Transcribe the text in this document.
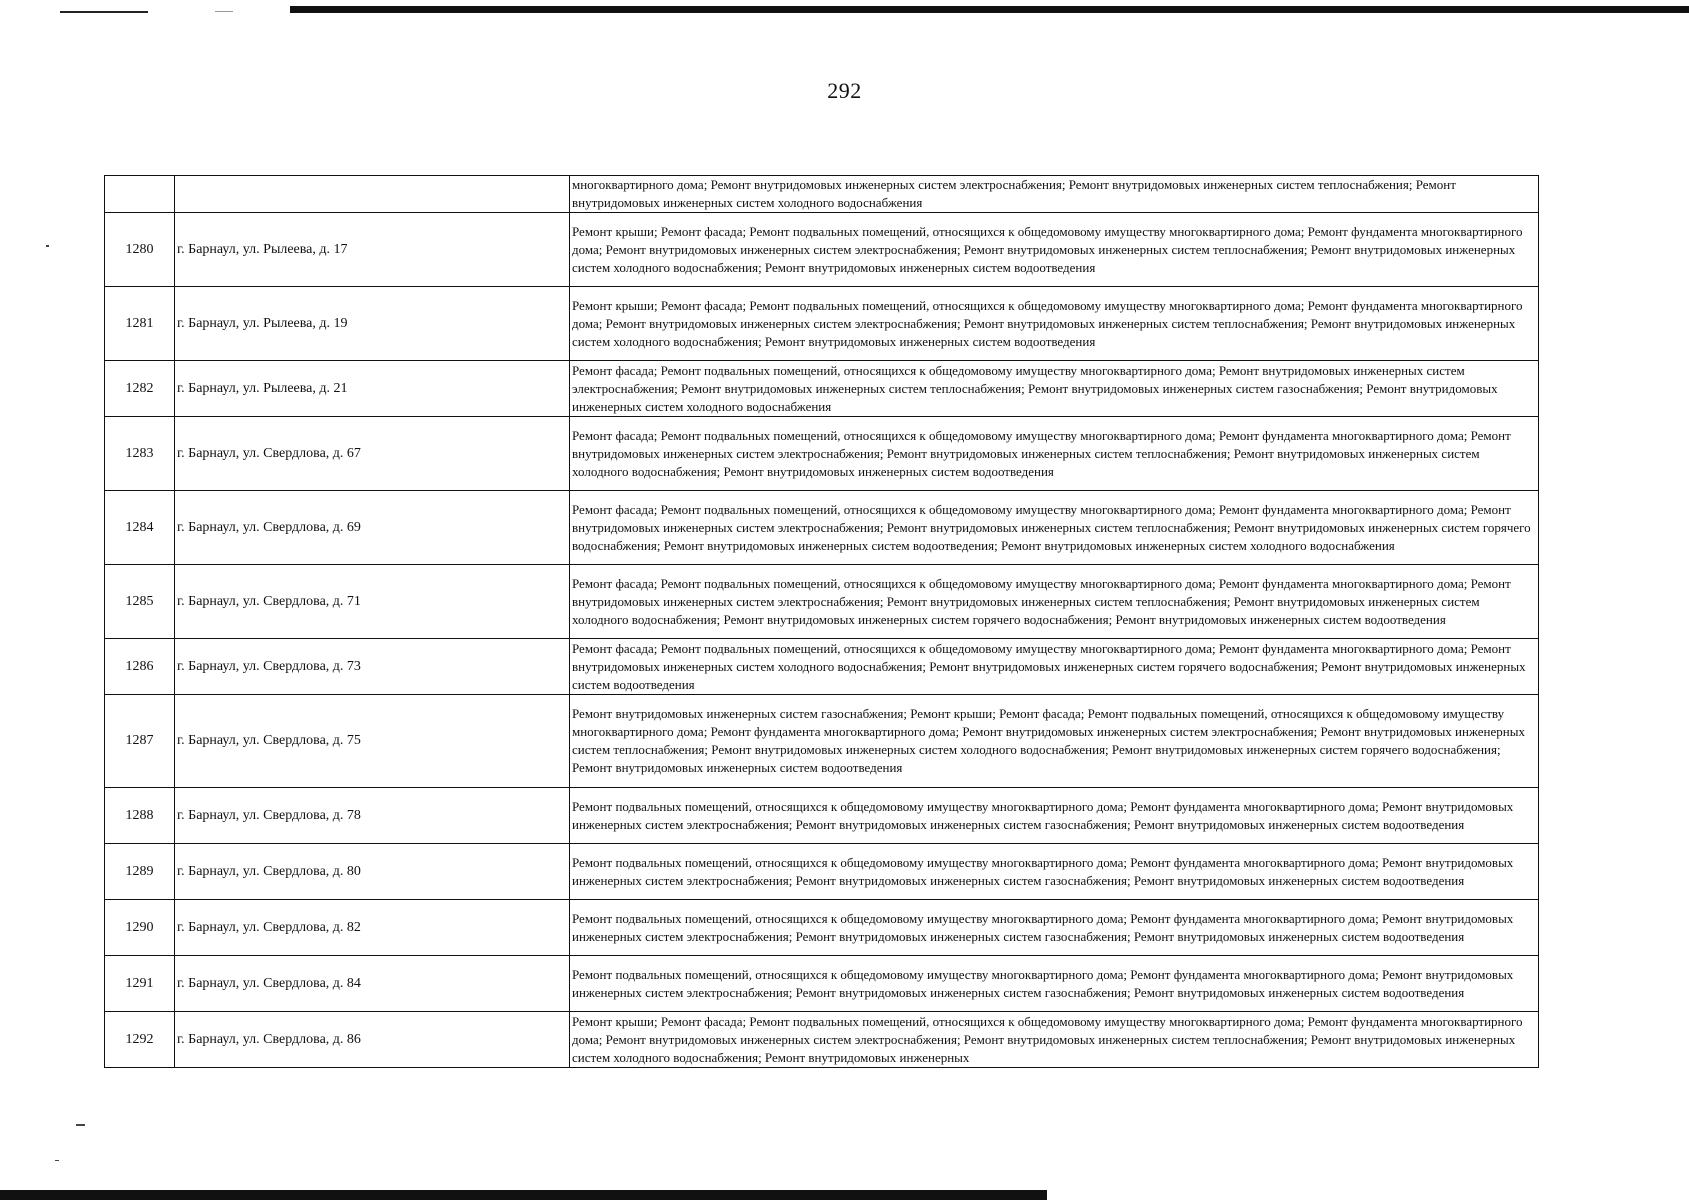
292
		многоквартирного дома; Ремонт внутридомовых инженерных систем электроснабжения; Ремонт внутридомовых инженерных систем теплоснабжения; Ремонт внутридомовых инженерных систем холодного водоснабжения
1280	г. Барнаул, ул. Рылеева, д. 17	Ремонт крыши; Ремонт фасада; Ремонт подвальных помещений, относящихся к общедомовому имуществу многоквартирного дома; Ремонт фундамента многоквартирного дома; Ремонт внутридомовых инженерных систем электроснабжения; Ремонт внутридомовых инженерных систем теплоснабжения; Ремонт внутридомовых инженерных систем холодного водоснабжения; Ремонт внутридомовых инженерных систем водоотведения
1281	г. Барнаул, ул. Рылеева, д. 19	Ремонт крыши; Ремонт фасада; Ремонт подвальных помещений, относящихся к общедомовому имуществу многоквартирного дома; Ремонт фундамента многоквартирного дома; Ремонт внутридомовых инженерных систем электроснабжения; Ремонт внутридомовых инженерных систем теплоснабжения; Ремонт внутридомовых инженерных систем холодного водоснабжения; Ремонт внутридомовых инженерных систем водоотведения
1282	г. Барнаул, ул. Рылеева, д. 21	Ремонт фасада; Ремонт подвальных помещений, относящихся к общедомовому имуществу многоквартирного дома; Ремонт внутридомовых инженерных систем электроснабжения; Ремонт внутридомовых инженерных систем теплоснабжения; Ремонт внутридомовых инженерных систем газоснабжения; Ремонт внутридомовых инженерных систем холодного водоснабжения
1283	г. Барнаул, ул. Свердлова, д. 67	Ремонт фасада; Ремонт подвальных помещений, относящихся к общедомовому имуществу многоквартирного дома; Ремонт фундамента многоквартирного дома; Ремонт внутридомовых инженерных систем электроснабжения; Ремонт внутридомовых инженерных систем теплоснабжения; Ремонт внутридомовых инженерных систем холодного водоснабжения; Ремонт внутридомовых инженерных систем водоотведения
1284	г. Барнаул, ул. Свердлова, д. 69	Ремонт фасада; Ремонт подвальных помещений, относящихся к общедомовому имуществу многоквартирного дома; Ремонт фундамента многоквартирного дома; Ремонт внутридомовых инженерных систем электроснабжения; Ремонт внутридомовых инженерных систем теплоснабжения; Ремонт внутридомовых инженерных систем горячего водоснабжения; Ремонт внутридомовых инженерных систем водоотведения; Ремонт внутридомовых инженерных систем холодного водоснабжения
1285	г. Барнаул, ул. Свердлова, д. 71	Ремонт фасада; Ремонт подвальных помещений, относящихся к общедомовому имуществу многоквартирного дома; Ремонт фундамента многоквартирного дома; Ремонт внутридомовых инженерных систем электроснабжения; Ремонт внутридомовых инженерных систем теплоснабжения; Ремонт внутридомовых инженерных систем холодного водоснабжения; Ремонт внутридомовых инженерных систем горячего водоснабжения; Ремонт внутридомовых инженерных систем водоотведения
1286	г. Барнаул, ул. Свердлова, д. 73	Ремонт фасада; Ремонт подвальных помещений, относящихся к общедомовому имуществу многоквартирного дома; Ремонт фундамента многоквартирного дома; Ремонт внутридомовых инженерных систем холодного водоснабжения; Ремонт внутридомовых инженерных систем горячего водоснабжения; Ремонт внутридомовых инженерных систем водоотведения
1287	г. Барнаул, ул. Свердлова, д. 75	Ремонт внутридомовых инженерных систем газоснабжения; Ремонт крыши; Ремонт фасада; Ремонт подвальных помещений, относящихся к общедомовому имуществу многоквартирного дома; Ремонт фундамента многоквартирного дома; Ремонт внутридомовых инженерных систем электроснабжения; Ремонт внутридомовых инженерных систем теплоснабжения; Ремонт внутридомовых инженерных систем холодного водоснабжения; Ремонт внутридомовых инженерных систем горячего водоснабжения; Ремонт внутридомовых инженерных систем водоотведения
1288	г. Барнаул, ул. Свердлова, д. 78	Ремонт подвальных помещений, относящихся к общедомовому имуществу многоквартирного дома; Ремонт фундамента многоквартирного дома; Ремонт внутридомовых инженерных систем электроснабжения; Ремонт внутридомовых инженерных систем газоснабжения; Ремонт внутридомовых инженерных систем водоотведения
1289	г. Барнаул, ул. Свердлова, д. 80	Ремонт подвальных помещений, относящихся к общедомовому имуществу многоквартирного дома; Ремонт фундамента многоквартирного дома; Ремонт внутридомовых инженерных систем электроснабжения; Ремонт внутридомовых инженерных систем газоснабжения; Ремонт внутридомовых инженерных систем водоотведения
1290	г. Барнаул, ул. Свердлова, д. 82	Ремонт подвальных помещений, относящихся к общедомовому имуществу многоквартирного дома; Ремонт фундамента многоквартирного дома; Ремонт внутридомовых инженерных систем электроснабжения; Ремонт внутридомовых инженерных систем газоснабжения; Ремонт внутридомовых инженерных систем водоотведения
1291	г. Барнаул, ул. Свердлова, д. 84	Ремонт подвальных помещений, относящихся к общедомовому имуществу многоквартирного дома; Ремонт фундамента многоквартирного дома; Ремонт внутридомовых инженерных систем электроснабжения; Ремонт внутридомовых инженерных систем газоснабжения; Ремонт внутридомовых инженерных систем водоотведения
1292	г. Барнаул, ул. Свердлова, д. 86	Ремонт крыши; Ремонт фасада; Ремонт подвальных помещений, относящихся к общедомовому имуществу многоквартирного дома; Ремонт фундамента многоквартирного дома; Ремонт внутридомовых инженерных систем электроснабжения; Ремонт внутридомовых инженерных систем теплоснабжения; Ремонт внутридомовых инженерных систем холодного водоснабжения; Ремонт внутридомовых инженерных
